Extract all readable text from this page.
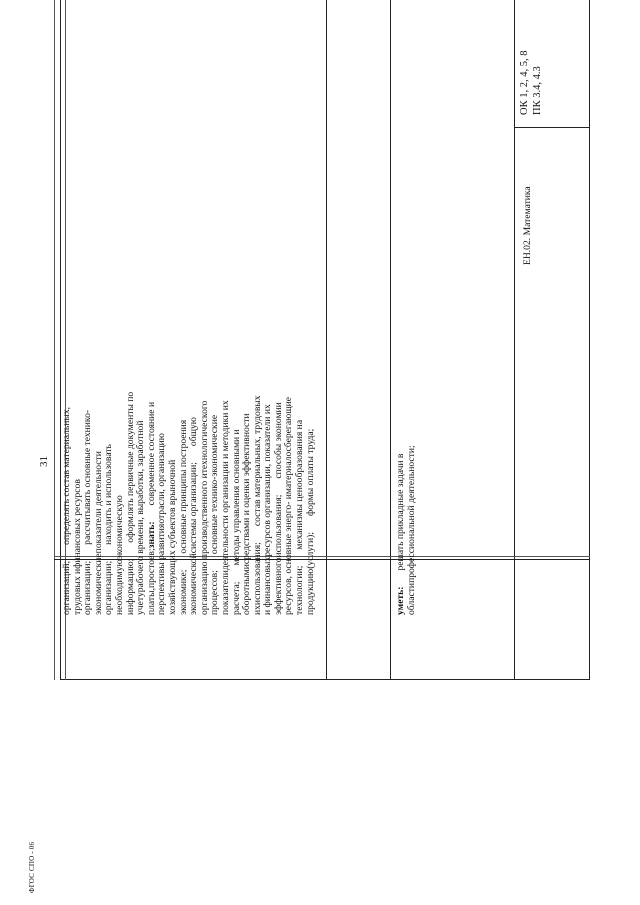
ФГОС СПО - 06
31
ЕН.02. Математика
ОК 1, 2, 4, 5, 8 ПК 3.4, 4.3
организаций;определять состав материальных, трудовых ифинансовых ресурсов организации;рассчитывать основные технико-экономическиепоказатели деятельности организации;находить и использовать необходимуюэкономическую информацию;оформлять первичные документы по учетурабочего времени, выработки, заработной платы,простоев;знать:современное состояние и перспективы развитияотрасли, организацию хозяйствующих субъектов врыночной экономике;основные принципы построения экономическойсистемы организации;общую организацию производственного итехнологического процессов;основные технико-экономические показателидеятельности организации и методики их расчета;методы управления основными и оборотнымисредствами и оценки эффективности ихиспользования;состав материальных, трудовых и финансовыхресурсов организации, показатели их эффективногоиспользования;способы экономии ресурсов, основные энерго- иматериалосберегающие технологии;механизмы ценообразования на продукцию(услуги);формы оплаты труда;
уметь:решать прикладные задачи в областипрофессиональной деятельности;
